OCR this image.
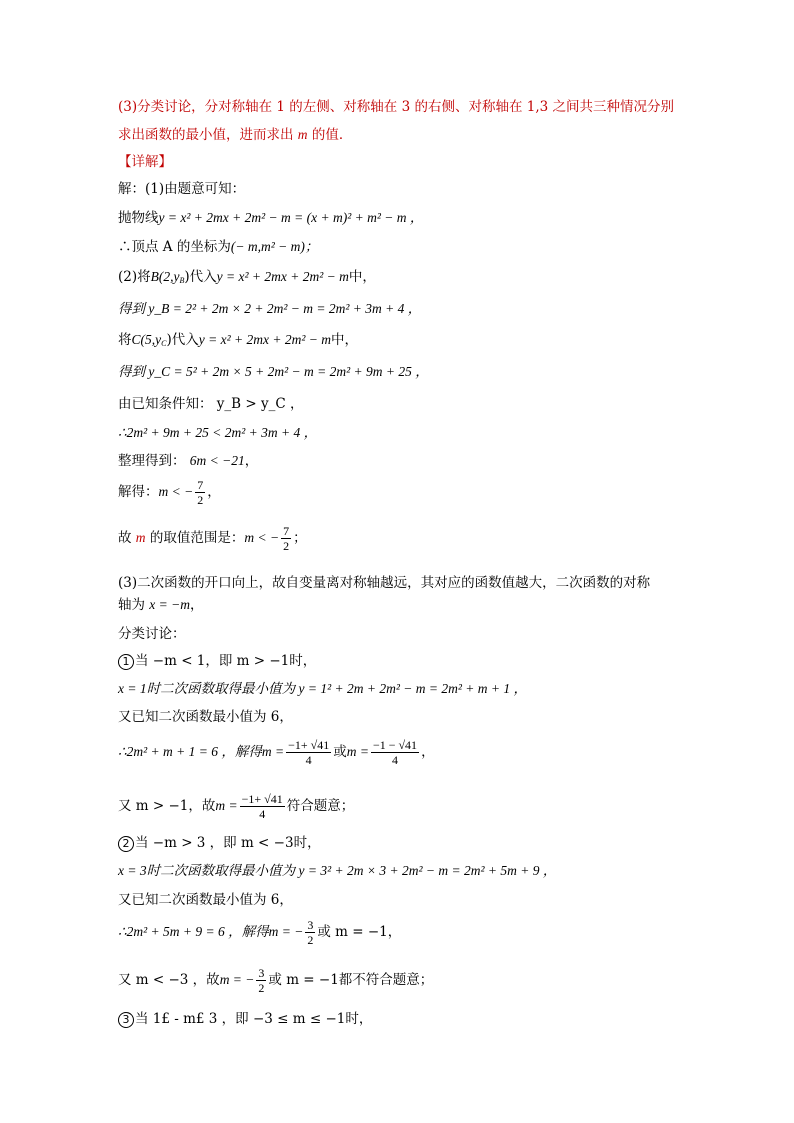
(3)分类讨论，分对称轴在 1 的左侧、对称轴在 3 的右侧、对称轴在 1,3 之间共三种情况分别
求出函数的最小值，进而求出 m 的值．
【详解】
解：(1)由题意可知：
抛物线y = x² + 2mx + 2m² − m = (x + m)² + m² − m ，
∴顶点 A 的坐标为(− m,m² − m)；
(2)将$B(2,y_B)$代入y = x² + 2mx + 2m² − m中，
得到 y_B = 2² + 2m × 2 + 2m² − m = 2m² + 3m + 4 ，
将$C(5,y_C)$代入y = x² + 2mx + 2m² − m中，
得到 y_C = 5² + 2m × 5 + 2m² − m = 2m² + 9m + 25 ，
由已知条件知： y_B > y_C ，
∴2m² + 9m + 25 < 2m² + 3m + 4 ，
整理得到： 6m < −21，
解得：m < − $\frac{7}{2}$ ，
故 m 的取值范围是：m < − $\frac{7}{2}$ ；
(3)二次函数的开口向上，故自变量离对称轴越远，其对应的函数值越大，二次函数的对称
轴为 x = −m，
分类讨论：
1 当 −m < 1，即 m > −1时，
x = 1时二次函数取得最小值为 y = 1² + 2m + 2m² − m = 2m² + m + 1 ，
又已知二次函数最小值为 6，
∴2m² + m + 1 = 6 ，解得$m = \frac{-1+ √41}{4}$ 或$m = \frac{-1 - √41}{4}$ ，
又 m > −1，故$m = \frac{-1+ √41}{4}$ 符合题意；
2 当 −m > 3 ，即 m < −3时，
x = 3时二次函数取得最小值为 y = 3² + 2m × 3 + 2m² − m = 2m² + 5m + 9 ，
又已知二次函数最小值为 6，
∴2m² + 5m + 9 = 6 ，解得m = − $\frac{3}{2}$ 或 m = −1，
又 m < −3 ，故m = − $\frac{3}{2}$ 或 m = −1都不符合题意；
3 当 1£ - m£ 3 ，即 −3 ≤ m ≤ −1时，
